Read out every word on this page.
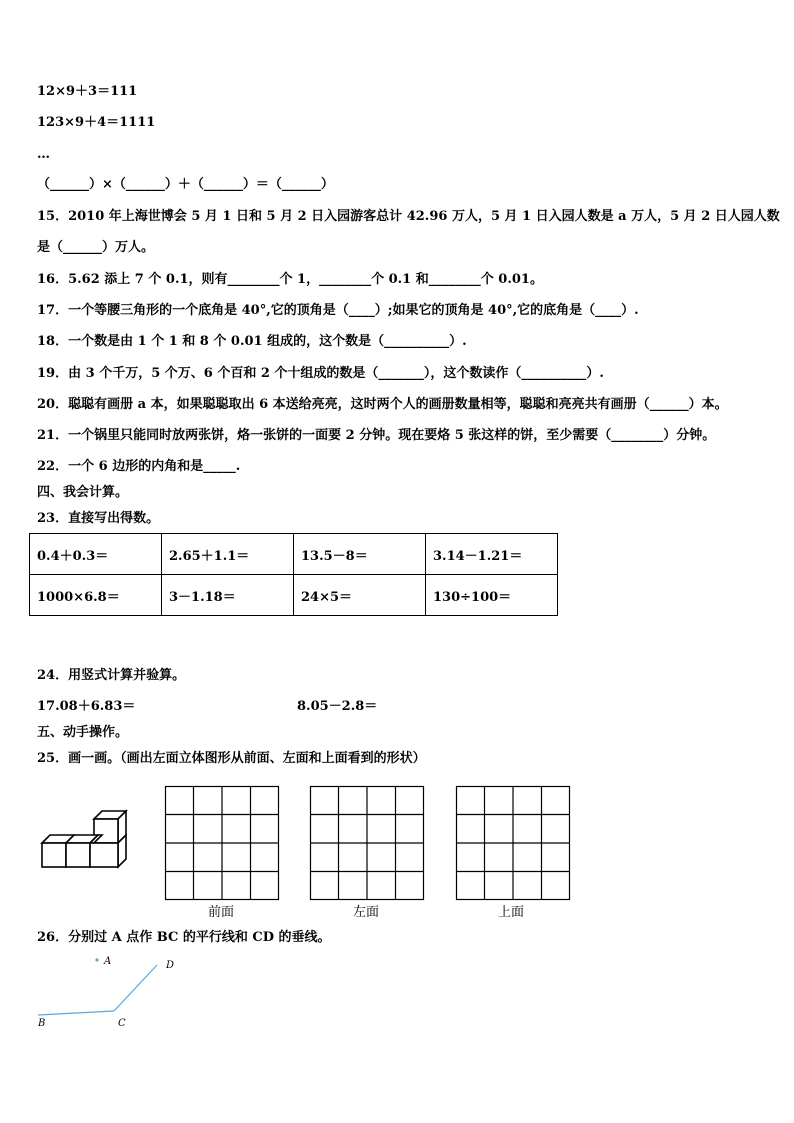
12×9＋3＝111
123×9＋4＝1111
…
（______）×（______）＋（______）＝（______）
15．2010 年上海世博会 5 月 1 日和 5 月 2 日入园游客总计 42.96 万人，5 月 1 日入园人数是 a 万人，5 月 2 日人园人数
是（______）万人。
16．5.62 添上 7 个 0.1，则有________个 1，________个 0.1 和________个 0.01。
17．一个等腰三角形的一个底角是 40°,它的顶角是（____）;如果它的顶角是 40°,它的底角是（____）.
18．一个数是由 1 个 1 和 8 个 0.01 组成的，这个数是（__________）.
19．由 3 个千万，5 个万、6 个百和 2 个十组成的数是（_______），这个数读作（__________）.
20．聪聪有画册 a 本，如果聪聪取出 6 本送给亮亮，这时两个人的画册数量相等，聪聪和亮亮共有画册（______）本。
21．一个锅里只能同时放两张饼，烙一张饼的一面要 2 分钟。现在要烙 5 张这样的饼，至少需要（________）分钟。
22．一个 6 边形的内角和是_____.
四、我会计算。
23．直接写出得数。
0.4＋0.3＝	2.65＋1.1＝	13.5－8＝	3.14－1.21＝
1000×6.8＝	3－1.18＝	24×5＝	130÷100＝
24．用竖式计算并验算。
17.08＋6.83＝	8.05－2.8＝
五、动手操作。
25．画一画。（画出左面立体图形从前面、左面和上面看到的形状）
前面	左面	上面
26．分别过 A 点作 BC 的平行线和 CD 的垂线。
A
B	C
D
